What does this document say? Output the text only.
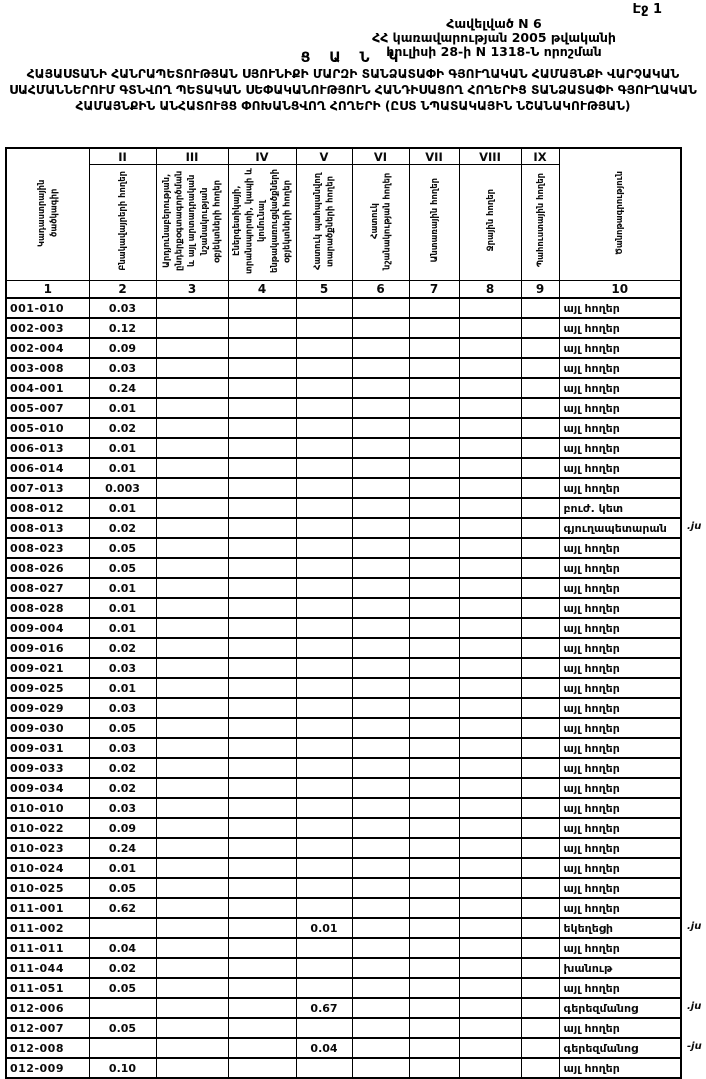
Էջ 1
Հավելված N 6
ՀՀ կառավարության 2005 թվականի
հուլիսի 28-ի N 1318-Ն որոշման
Ց Ա Ն Կ
ՀԱՅԱՍՏԱՆԻ ՀԱՆՐԱՊԵՏՈՒԹՅԱՆ ՍՅՈՒՆԻՔԻ ՄԱՐԶԻ ՏԱՆՁԱՏԱՓԻ ԳՅՈՒՂԱԿԱՆ ՀԱՄԱՅՆՔԻ ՎԱՐՉԱԿԱՆ ՍԱՀՄԱՆՆԵՐՈՒՄ ԳՏՆՎՈՂ ՊԵՏԱԿԱՆ ՍԵՓԱԿԱՆՈՒԹՅՈՒՆ ՀԱՆԴԻՍԱՑՈՂ ՀՈՂԵՐԻՑ ՏԱՆՁԱՏԱՓԻ ԳՅՈՒՂԱԿԱՆ ՀԱՄԱՅՆՔԻՆ ԱՆՀԱՏՈՒՅՑ ՓՈԽԱՆՑՎՈՂ ՀՈՂԵՐԻ (ԸՍՏ ՆՊԱՏԱԿԱՅԻՆ ՆՇԱՆԱԿՈՒԹՅԱՆ)
Կադաստրային ծածկագիր	II	III	IV	V	VI	VII	VIII	IX	Ծանոթագրություն
	Բնակավայրերի հողեր	Արդյունաբերության, ընդերքօգտագործման և այլ արտադրական նշանակության օբյեկտների հողեր	Էներգետիկայի, տրանսպորտի, կապի և կոմունալ ենթակառուցվածքների օբյեկտների հողեր	Հատուկ պահպանվող տարածքների հողեր	Հատուկ նշանակության հողեր	Անտառային հողեր	Ջրային հողեր	Պահուստային հողեր	
1	2	3	4	5	6	7	8	9	10
001-010	0.03								այլ հողեր
002-003	0.12								այլ հողեր
002-004	0.09								այլ հողեր
003-008	0.03								այլ հողեր
004-001	0.24								այլ հողեր
005-007	0.01								այլ հողեր
005-010	0.02								այլ հողեր
006-013	0.01								այլ հողեր
006-014	0.01								այլ հողեր
007-013	0.003								այլ հողեր
008-012	0.01								բուժ. կետ
008-013	0.02								գյուղապետարան .ju

008-023	0.05								այլ հողեր
008-026	0.05								այլ հողեր
008-027	0.01								այլ հողեր
008-028	0.01								այլ հողեր
009-004	0.01								այլ հողեր
009-016	0.02								այլ հողեր
009-021	0.03								այլ հողեր
009-025	0.01								այլ հողեր
009-029	0.03								այլ հողեր
009-030	0.05								այլ հողեր
009-031	0.03								այլ հողեր
009-033	0.02								այլ հողեր
009-034	0.02								այլ հողեր
010-010	0.03								այլ հողեր
010-022	0.09								այլ հողեր
010-023	0.24								այլ հողեր
010-024	0.01								այլ հողեր
010-025	0.05								այլ հողեր
011-001	0.62								այլ հողեր
011-002				0.01					եկեղեցի .ju

011-011	0.04								այլ հողեր
011-044	0.02								խանութ
011-051	0.05								այլ հողեր
012-006				0.67					գերեզմանոց .ju

012-007	0.05								այլ հողեր
012-008				0.04					գերեզմանոց -ju

012-009	0.10								այլ հողեր
